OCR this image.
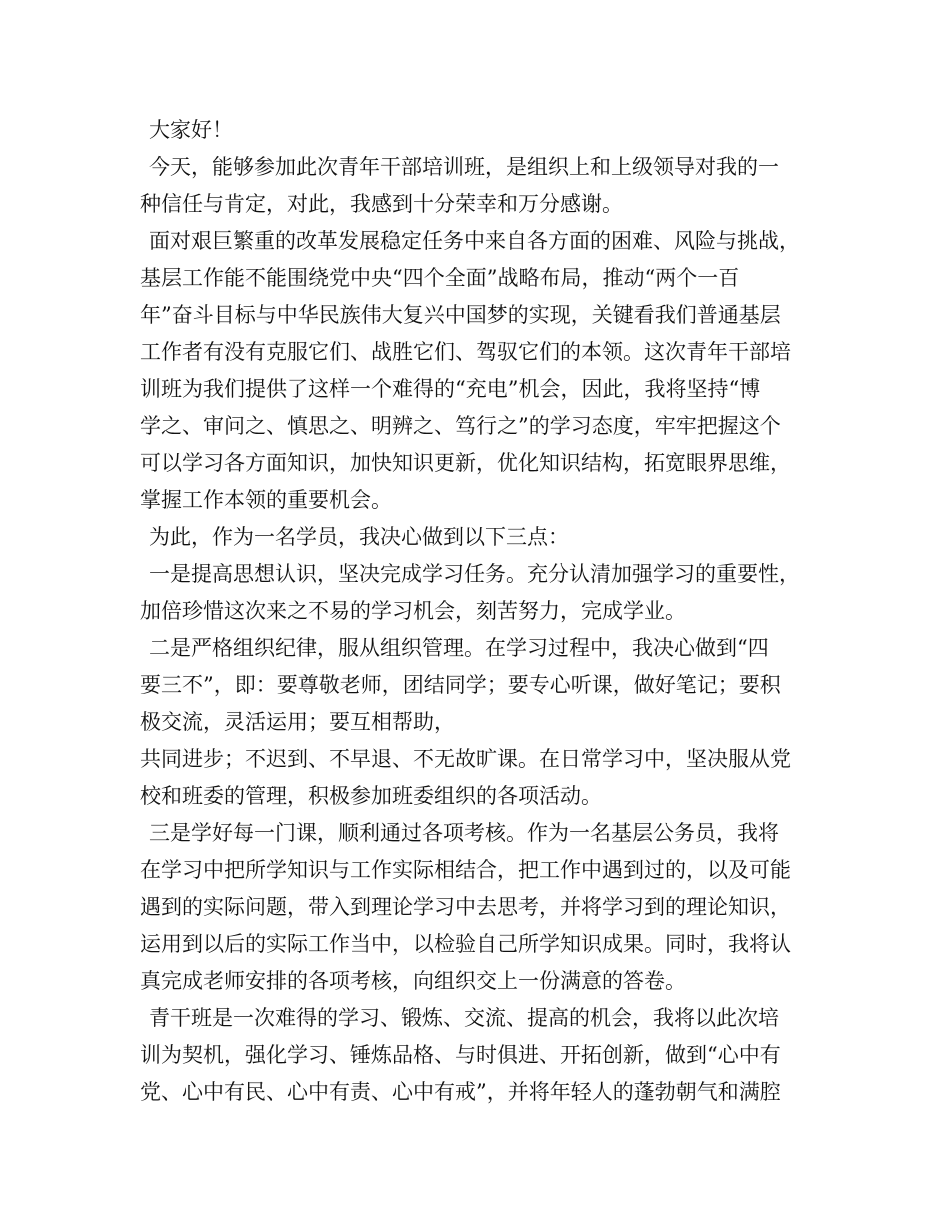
大家好！
今天，能够参加此次青年干部培训班，是组织上和上级领导对我的一
种信任与肯定，对此，我感到十分荣幸和万分感谢。
面对艰巨繁重的改革发展稳定任务中来自各方面的困难、风险与挑战，
基层工作能不能围绕党中央“四个全面”战略布局，推动“两个一百
年”奋斗目标与中华民族伟大复兴中国梦的实现，关键看我们普通基层
工作者有没有克服它们、战胜它们、驾驭它们的本领。这次青年干部培
训班为我们提供了这样一个难得的“充电”机会，因此，我将坚持“博
学之、审问之、慎思之、明辨之、笃行之”的学习态度，牢牢把握这个
可以学习各方面知识，加快知识更新，优化知识结构，拓宽眼界思维，
掌握工作本领的重要机会。
为此，作为一名学员，我决心做到以下三点：
一是提高思想认识，坚决完成学习任务。充分认清加强学习的重要性，
加倍珍惜这次来之不易的学习机会，刻苦努力，完成学业。
二是严格组织纪律，服从组织管理。在学习过程中，我决心做到“四
要三不”，即：要尊敬老师，团结同学；要专心听课，做好笔记；要积
极交流，灵活运用；要互相帮助，
共同进步；不迟到、不早退、不无故旷课。在日常学习中，坚决服从党
校和班委的管理，积极参加班委组织的各项活动。
三是学好每一门课，顺利通过各项考核。作为一名基层公务员，我将
在学习中把所学知识与工作实际相结合，把工作中遇到过的，以及可能
遇到的实际问题，带入到理论学习中去思考，并将学习到的理论知识，
运用到以后的实际工作当中，以检验自己所学知识成果。同时，我将认
真完成老师安排的各项考核，向组织交上一份满意的答卷。
青干班是一次难得的学习、锻炼、交流、提高的机会，我将以此次培
训为契机，强化学习、锤炼品格、与时俱进、开拓创新，做到“心中有
党、心中有民、心中有责、心中有戒”，并将年轻人的蓬勃朝气和满腔
